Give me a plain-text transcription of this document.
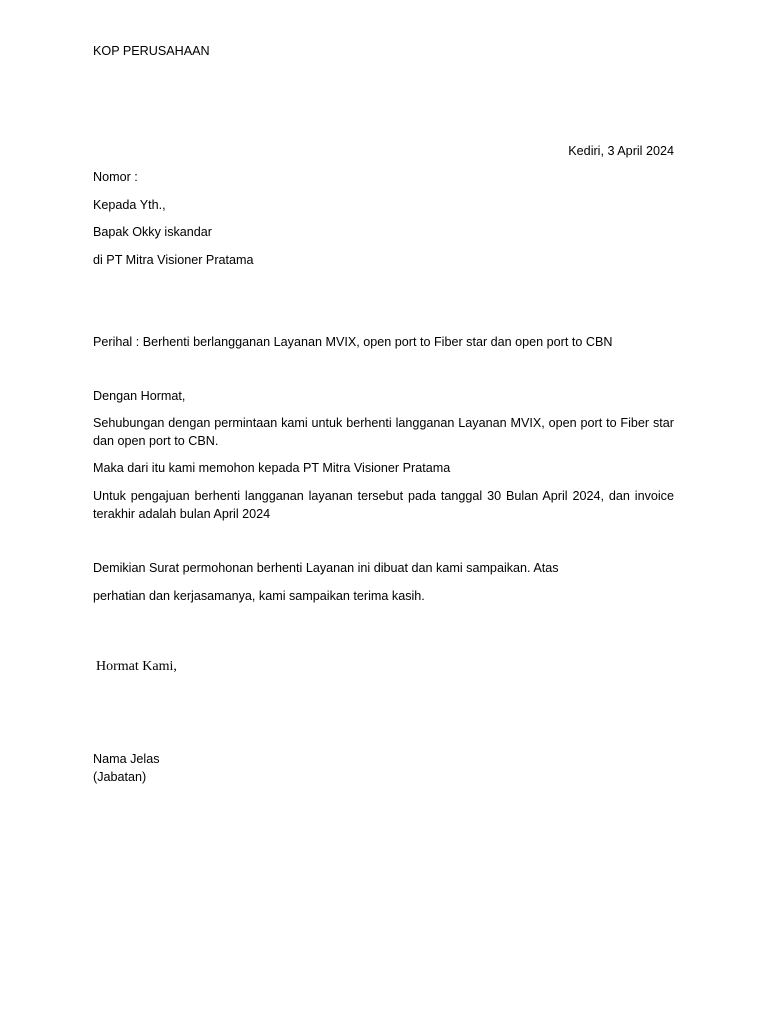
KOP PERUSAHAAN
Kediri, 3 April 2024
Nomor :
Kepada Yth.,
Bapak Okky iskandar
di PT Mitra Visioner Pratama
Perihal : Berhenti berlangganan Layanan MVIX, open port to Fiber star dan open port to CBN
Dengan Hormat,
Sehubungan dengan permintaan kami untuk berhenti langganan Layanan MVIX, open port to Fiber star dan open port to CBN.
Maka dari itu kami memohon kepada PT Mitra Visioner Pratama
Untuk pengajuan berhenti langganan layanan tersebut pada tanggal 30 Bulan April 2024, dan invoice terakhir adalah bulan April 2024
Demikian Surat permohonan berhenti Layanan ini dibuat dan kami sampaikan. Atas
perhatian dan kerjasamanya, kami sampaikan terima kasih.
Hormat Kami,
Nama Jelas
(Jabatan)
